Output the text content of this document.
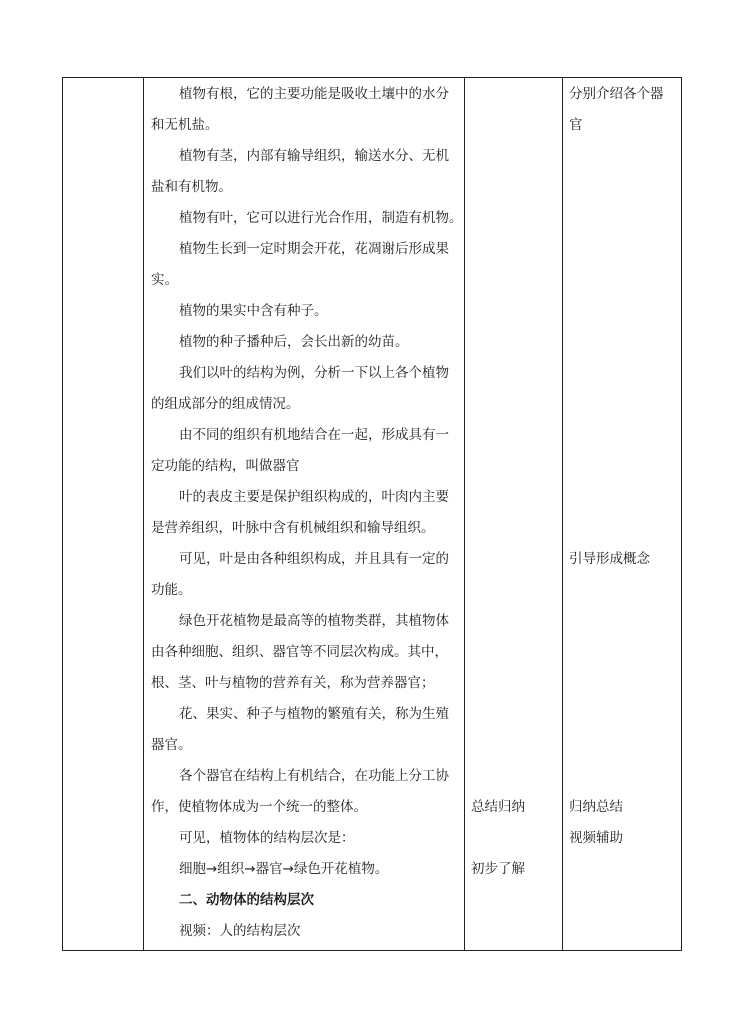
植物有根，它的主要功能是吸收土壤中的水分
和无机盐。
植物有茎，内部有输导组织，输送水分、无机
盐和有机物。
植物有叶，它可以进行光合作用，制造有机物。
植物生长到一定时期会开花，花凋谢后形成果
实。
植物的果实中含有种子。
植物的种子播种后，会长出新的幼苗。
我们以叶的结构为例，分析一下以上各个植物
的组成部分的组成情况。
由不同的组织有机地结合在一起，形成具有一
定功能的结构，叫做器官
叶的表皮主要是保护组织构成的，叶肉内主要
是营养组织，叶脉中含有机械组织和输导组织。
可见，叶是由各种组织构成，并且具有一定的
功能。
绿色开花植物是最高等的植物类群，其植物体
由各种细胞、组织、器官等不同层次构成。其中，
根、茎、叶与植物的营养有关，称为营养器官；
花、果实、种子与植物的繁殖有关，称为生殖
器官。
各个器官在结构上有机结合，在功能上分工协
作，使植物体成为一个统一的整体。
可见，植物体的结构层次是：
细胞→组织→器官→绿色开花植物。
二、动物体的结构层次
视频：人的结构层次
总结归纳
初步了解
分别介绍各个器
官
引导形成概念
归纳总结
视频辅助
